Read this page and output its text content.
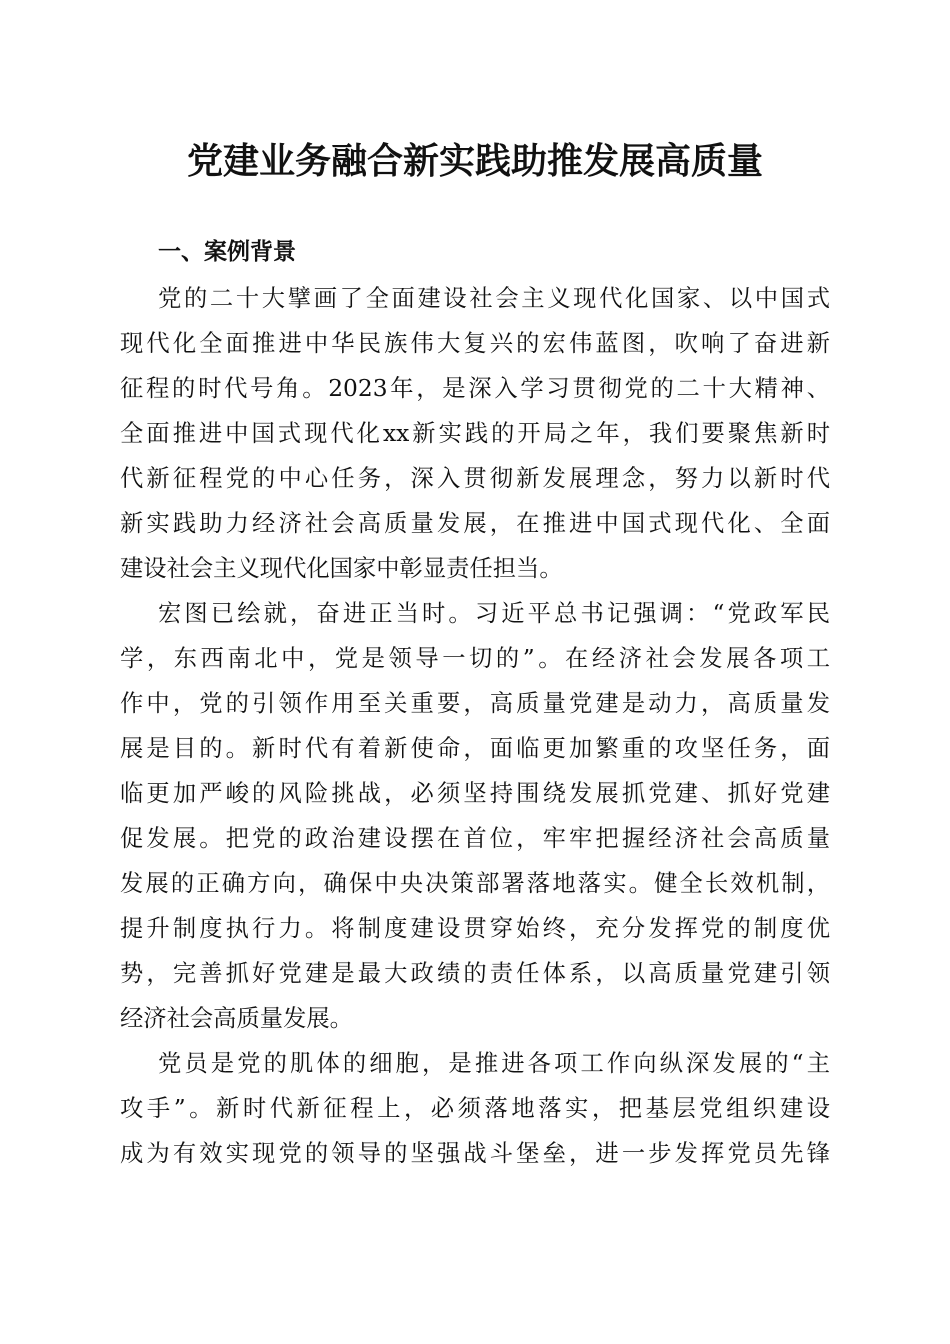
党建业务融合新实践助推发展高质量
一、案例背景
党的二十大擘画了全面建设社会主义现代化国家、以中国式
现代化全面推进中华民族伟大复兴的宏伟蓝图，吹响了奋进新
征程的时代号角。2023年，是深入学习贯彻党的二十大精神、
全面推进中国式现代化xx新实践的开局之年，我们要聚焦新时
代新征程党的中心任务，深入贯彻新发展理念，努力以新时代
新实践助力经济社会高质量发展，在推进中国式现代化、全面
建设社会主义现代化国家中彰显责任担当。
宏图已绘就，奋进正当时。习近平总书记强调：“党政军民
学，东西南北中，党是领导一切的”。在经济社会发展各项工
作中，党的引领作用至关重要，高质量党建是动力，高质量发
展是目的。新时代有着新使命，面临更加繁重的攻坚任务，面
临更加严峻的风险挑战，必须坚持围绕发展抓党建、抓好党建
促发展。把党的政治建设摆在首位，牢牢把握经济社会高质量
发展的正确方向，确保中央决策部署落地落实。健全长效机制，
提升制度执行力。将制度建设贯穿始终，充分发挥党的制度优
势，完善抓好党建是最大政绩的责任体系，以高质量党建引领
经济社会高质量发展。
党员是党的肌体的细胞，是推进各项工作向纵深发展的“主
攻手”。新时代新征程上，必须落地落实，把基层党组织建设
成为有效实现党的领导的坚强战斗堡垒，进一步发挥党员先锋
